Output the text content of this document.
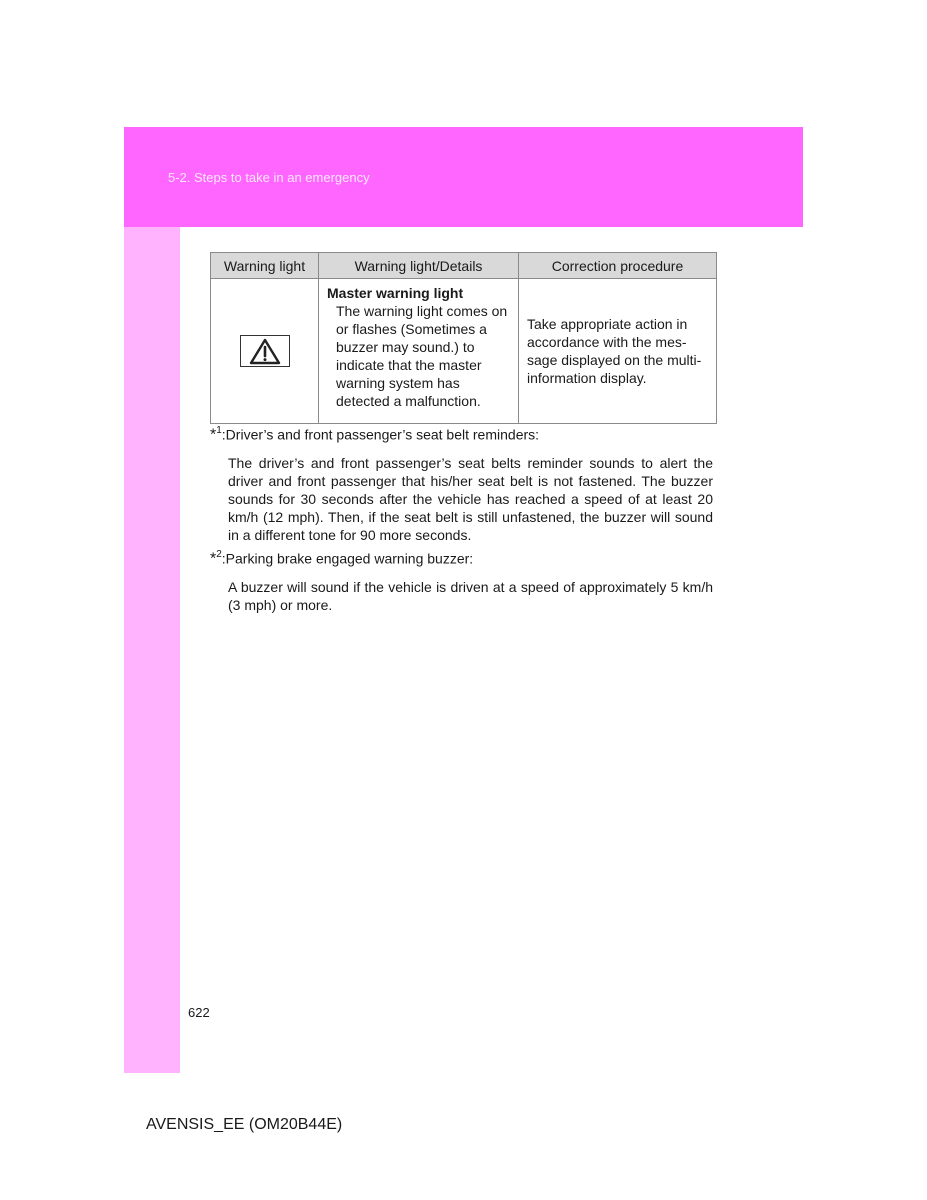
5-2. Steps to take in an emergency
Warning light	Warning light/Details	Correction procedure

Master warning light
The warning light comes on or flashes (Sometimes a buzzer may sound.) to indicate that the master warning system has detected a malfunction.	Take appropriate action in accordance with the mes-sage displayed on the multi-information display.
*$^1$:Driver’s and front passenger’s seat belt reminders:
The driver’s and front passenger’s seat belts reminder sounds to alert the driver and front passenger that his/her seat belt is not fastened. The buzzer sounds for 30 seconds after the vehicle has reached a speed of at least 20 km/h (12 mph). Then, if the seat belt is still unfastened, the buzzer will sound in a different tone for 90 more seconds.
*$^2$:Parking brake engaged warning buzzer:
A buzzer will sound if the vehicle is driven at a speed of approximately 5 km/h (3 mph) or more.
622
AVENSIS_EE (OM20B44E)
